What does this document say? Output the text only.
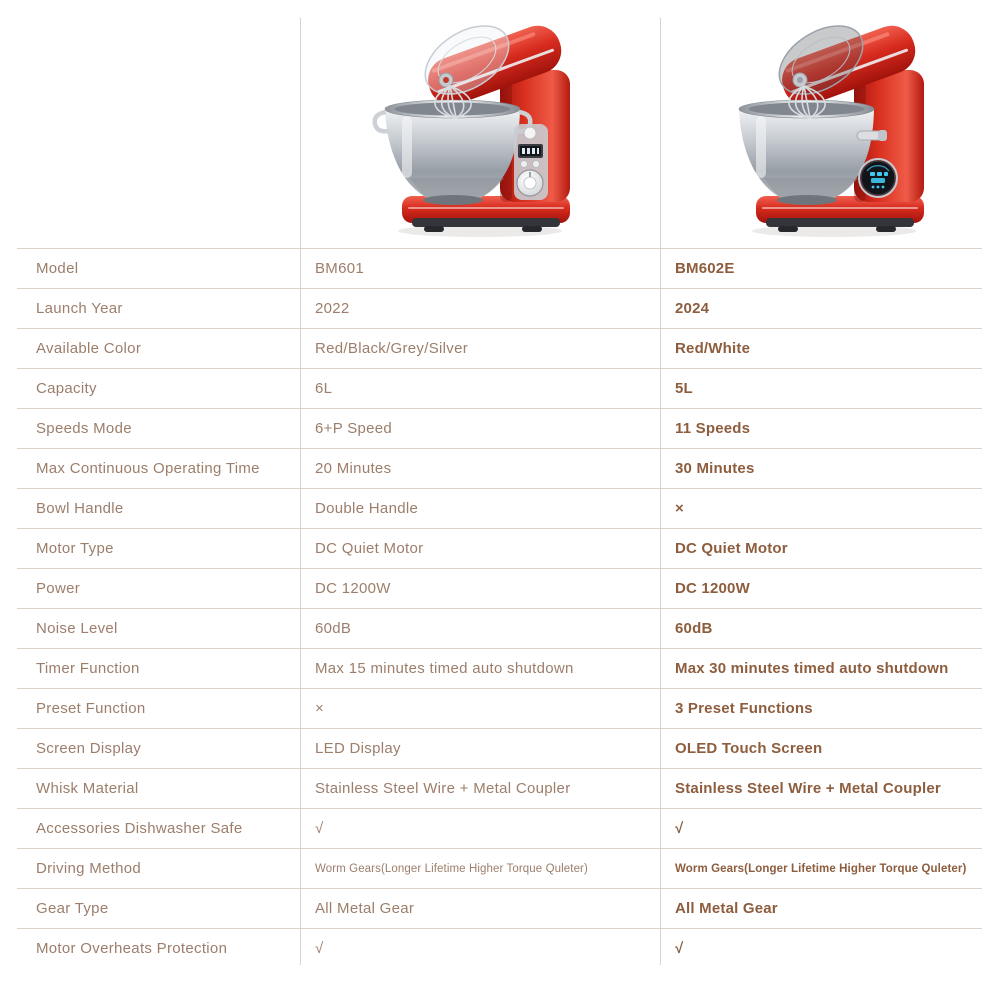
Model	BM601	BM602E
Launch Year	2022	2024
Available Color	Red/Black/Grey/Silver	Red/White
Capacity	6L	5L
Speeds Mode	6+P Speed	11 Speeds
Max Continuous Operating Time	20 Minutes	30 Minutes
Bowl Handle	Double Handle	×
Motor Type	DC Quiet Motor	DC Quiet Motor
Power	DC 1200W	DC 1200W
Noise Level	60dB	60dB
Timer Function	Max 15 minutes timed auto shutdown	Max 30 minutes timed auto shutdown
Preset Function	×	3 Preset Functions
Screen Display	LED Display	OLED Touch Screen
Whisk Material	Stainless Steel Wire + Metal Coupler	Stainless Steel Wire + Metal Coupler
Accessories Dishwasher Safe	√	√
Driving Method	Worm Gears(Longer Lifetime Higher Torque Quleter)	Worm Gears(Longer Lifetime Higher Torque Quleter)
Gear Type	All Metal Gear	All Metal Gear
Motor Overheats Protection	√	√
